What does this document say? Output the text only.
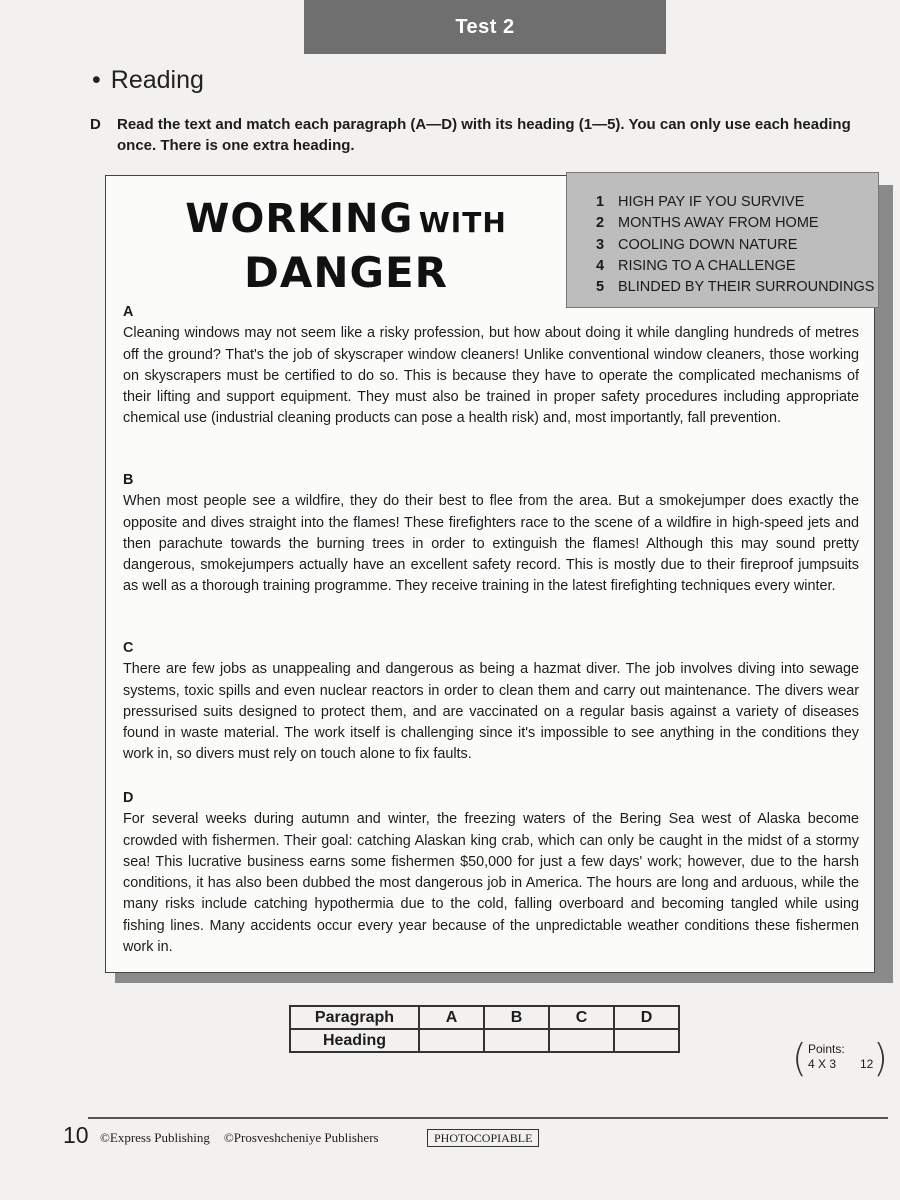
Test 2
• Reading
D Read the text and match each paragraph (A—D) with its heading (1—5). You can only use each heading once. There is one extra heading.
WORKING WITH
DANGER
1 HIGH PAY IF YOU SURVIVE
2 MONTHS AWAY FROM HOME
3 COOLING DOWN NATURE
4 RISING TO A CHALLENGE
5 BLINDED BY THEIR SURROUNDINGS
A

Cleaning windows may not seem like a risky profession, but how about doing it while dangling hundreds of metres off the ground? That's the job of skyscraper window cleaners! Unlike conventional window cleaners, those working on skyscrapers must be certified to do so. This is because they have to operate the complicated mechanisms of their lifting and support equipment. They must also be trained in proper safety procedures including appropriate chemical use (industrial cleaning products can pose a health risk) and, most importantly, fall prevention.

B

When most people see a wildfire, they do their best to flee from the area. But a smokejumper does exactly the opposite and dives straight into the flames! These firefighters race to the scene of a wildfire in high-speed jets and then parachute towards the burning trees in order to extinguish the flames! Although this may sound pretty dangerous, smokejumpers actually have an excellent safety record. This is mostly due to their fireproof jumpsuits as well as a thorough training programme. They receive training in the latest firefighting techniques every winter.

C

There are few jobs as unappealing and dangerous as being a hazmat diver. The job involves diving into sewage systems, toxic spills and even nuclear reactors in order to clean them and carry out maintenance. The divers wear pressurised suits designed to protect them, and are vaccinated on a regular basis against a variety of diseases found in waste material. The work itself is challenging since it's impossible to see anything in the conditions they work in, so divers must rely on touch alone to fix faults.

D

For several weeks during autumn and winter, the freezing waters of the Bering Sea west of Alaska become crowded with fishermen. Their goal: catching Alaskan king crab, which can only be caught in the midst of a stormy sea! This lucrative business earns some fishermen $50,000 for just a few days' work; however, due to the harsh conditions, it has also been dubbed the most dangerous job in America. The hours are long and arduous, while the many risks include catching hypothermia due to the cold, falling overboard and becoming tangled while using fishing lines. Many accidents occur every year because of the unpredictable weather conditions these fishermen work in.

Paragraph	A	B	C	D
Heading					( Points:
4 X 3 12 )
10 ©Express Publishing ©Prosveshcheniye Publishers	PHOTOCOPIABLE
